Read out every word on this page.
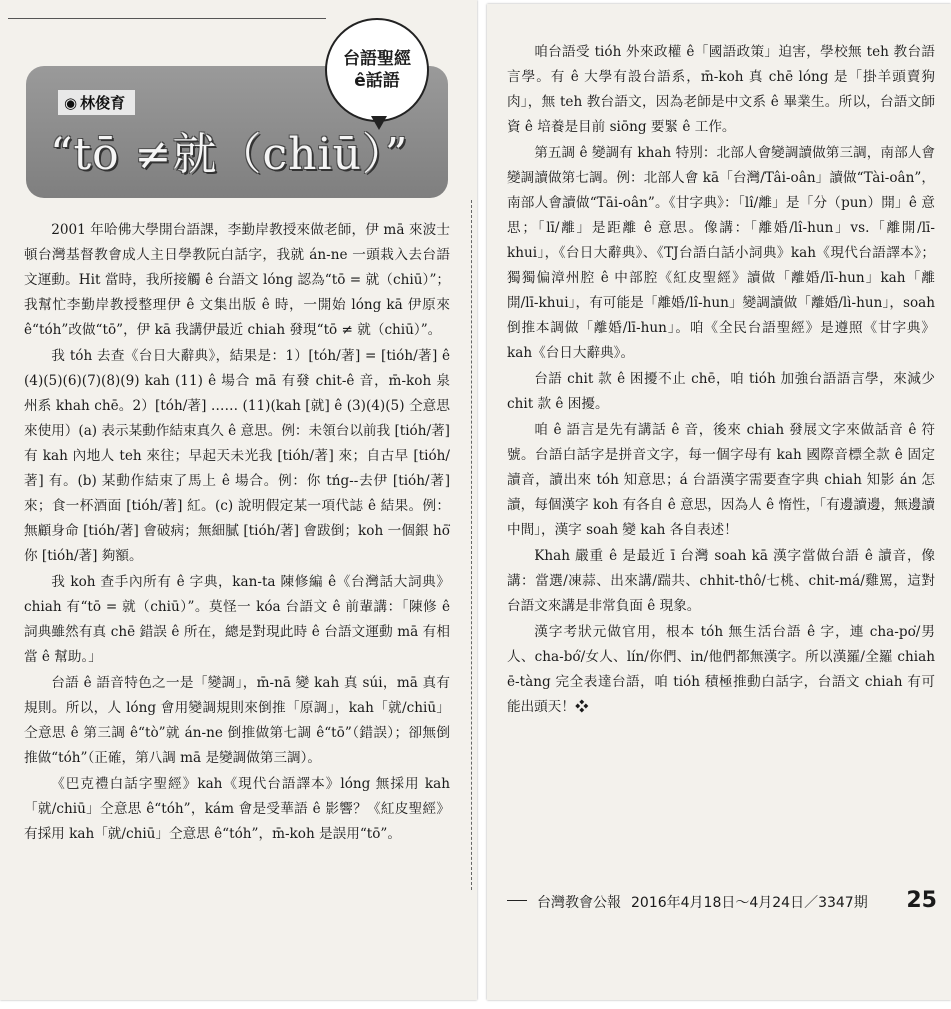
◉ 林俊育
“tō ≠就（chiū）”
台語聖經
ê話語

2001 年哈佛大學開台語課，李勤岸教授來做老師，伊 mā 來波士頓台灣基督教會成人主日學教阮白話字，我就 án-ne 一頭栽入去台語文運動。Hit 當時，我所接觸 ê 台語文 lóng 認為“tō = 就（chiū）”；我幫忙李勤岸教授整理伊 ê 文集出版 ê 時，一開始 lóng kā 伊原來 ê“tóh”改做“tō”，伊 kā 我講伊最近 chiah 發現“tō ≠ 就（chiū）”。

我 tóh 去查《台日大辭典》，結果是：1）[tóh/著] = [tióh/著] ê (4)(5)(6)(7)(8)(9) kah (11) ê 場合 mā 有發 chit-ê 音，m̄-koh 泉州系 khah chē。2）[tóh/著] …… (11)(kah [就] ê (3)(4)(5) 仝意思來使用）(a) 表示某動作結束真久 ê 意思。例：未領台以前我 [tióh/著] 有 kah 內地人 teh 來往；早起天未光我 [tióh/著] 來；自古早 [tióh/著] 有。(b) 某動作結束了馬上 ê 場合。例：你 tńg--去伊 [tióh/著] 來；食一杯酒面 [tióh/著] 紅。(c) 說明假定某一項代誌 ê 結果。例：無顧身命 [tióh/著] 會破病；無細膩 [tióh/著] 會跋倒；koh 一個銀 hō͘ 你 [tióh/著] 夠額。

我 koh 查手內所有 ê 字典，kan-ta 陳修編 ê《台灣話大詞典》chiah 有“tō = 就（chiū）”。莫怪一 kóa 台語文 ê 前輩講：「陳修 ê 詞典雖然有真 chē 錯誤 ê 所在，總是對現此時 ê 台語文運動 mā 有相當 ê 幫助。」

台語 ê 語音特色之一是「變調」，m̄-nā 變 kah 真 súi，mā 真有規則。所以，人 lóng 會用變調規則來倒推「原調」，kah「就/chiū」仝意思 ê 第三調 ê“tò”就 án-ne 倒推做第七調 ê“tō”（錯誤）；卻無倒推做“tóh”（正確，第八調 mā 是變調做第三調）。

《巴克禮白話字聖經》kah《現代台語譯本》lóng 無採用 kah「就/chiū」仝意思 ê“tóh”，kám 會是受華語 ê 影響？《紅皮聖經》有採用 kah「就/chiū」仝意思 ê“tóh”，m̄-koh 是誤用“tō”。

咱台語受 tióh 外來政權 ê「國語政策」迫害，學校無 teh 教台語言學。有 ê 大學有設台語系，m̄-koh 真 chē lóng 是「掛羊頭賣狗肉」，無 teh 教台語文，因為老師是中文系 ê 畢業生。所以，台語文師資 ê 培養是目前 siōng 要緊 ê 工作。

第五調 ê 變調有 khah 特別：北部人會變調讀做第三調，南部人會變調讀做第七調。例：北部人會 kā「台灣/Tâi-oân」讀做“Tài-oân”，南部人會讀做“Tāi-oân”。《甘字典》：「lî/離」是「分（pun）開」ê 意思；「lī/離」是距離 ê 意思。像講：「離婚/lî-hun」vs.「離開/lī-khui」，《台日大辭典》、《TJ台語白話小詞典》kah《現代台語譯本》；獨獨偏漳州腔 ê 中部腔《紅皮聖經》讀做「離婚/lī-hun」kah「離開/lī-khui」，有可能是「離婚/lî-hun」變調讀做「離婚/lì-hun」，soah 倒推本調做「離婚/lī-hun」。咱《全民台語聖經》是遵照《甘字典》kah《台日大辭典》。

台語 chit 款 ê 困擾不止 chē，咱 tióh 加強台語語言學，來減少 chit 款 ê 困擾。

咱 ê 語言是先有講話 ê 音，後來 chiah 發展文字來做話音 ê 符號。台語白話字是拼音文字，每一個字母有 kah 國際音標全款 ê 固定讀音，讀出來 tóh 知意思；á 台語漢字需要查字典 chiah 知影 án 怎讀，每個漢字 koh 有各自 ê 意思，因為人 ê 惰性，「有邊讀邊，無邊讀中間」，漢字 soah 變 kah 各自表述！

Khah 嚴重 ê 是最近 ī 台灣 soah kā 漢字當做台語 ê 讀音，像講：當選/凍蒜、出來講/踹共、chhit-thô/七桃、chit-má/雞罵，這對台語文來講是非常負面 ê 現象。

漢字考狀元做官用，根本 tóh 無生活台語 ê 字，連 cha-po͘/男人、cha-bó͘/女人、lín/你們、in/他們都無漢字。所以漢羅/全羅 chiah ē-tàng 完全表達台語，咱 tióh 積極推動白話字，台語文 chiah 有可能出頭天！❖

台灣教會公報 2016年4月18日～4月24日／3347期 25
